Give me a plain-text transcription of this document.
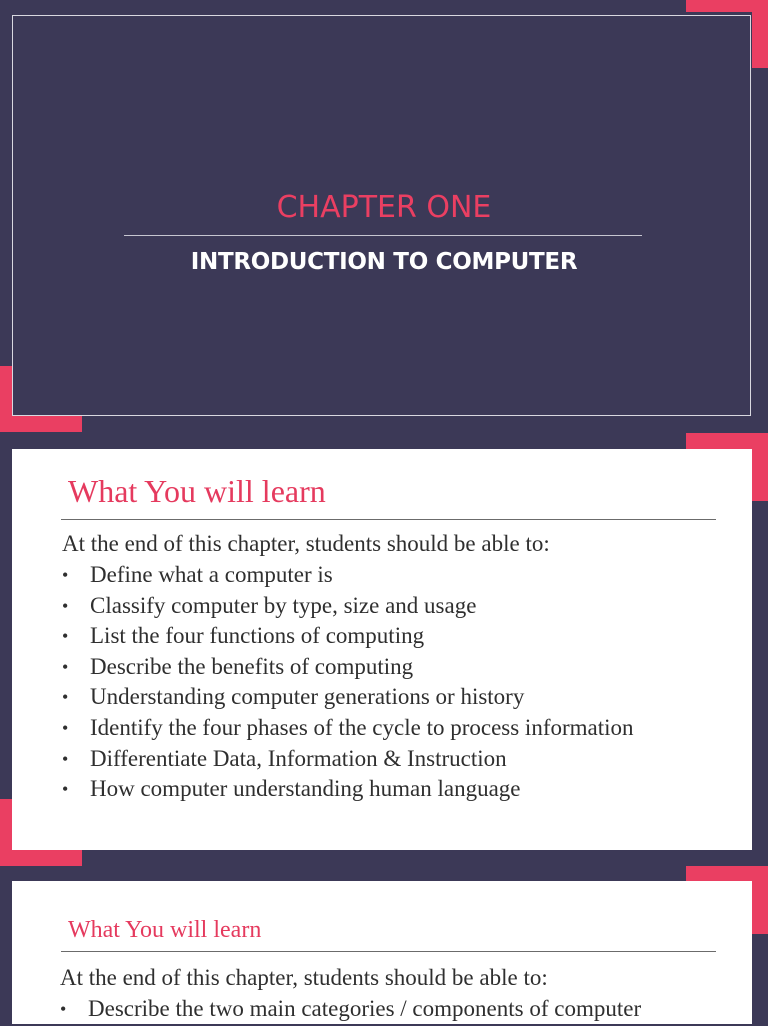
CHAPTER ONE
INTRODUCTION TO COMPUTER
What You will learn
At the end of this chapter, students should be able to:
• Define what a computer is
• Classify computer by type, size and usage
• List the four functions of computing
• Describe the benefits of computing
• Understanding computer generations or history
• Identify the four phases of the cycle to process information
• Differentiate Data, Information & Instruction
• How computer understanding human language
What You will learn
At the end of this chapter, students should be able to:
• Describe the two main categories / components of computer
